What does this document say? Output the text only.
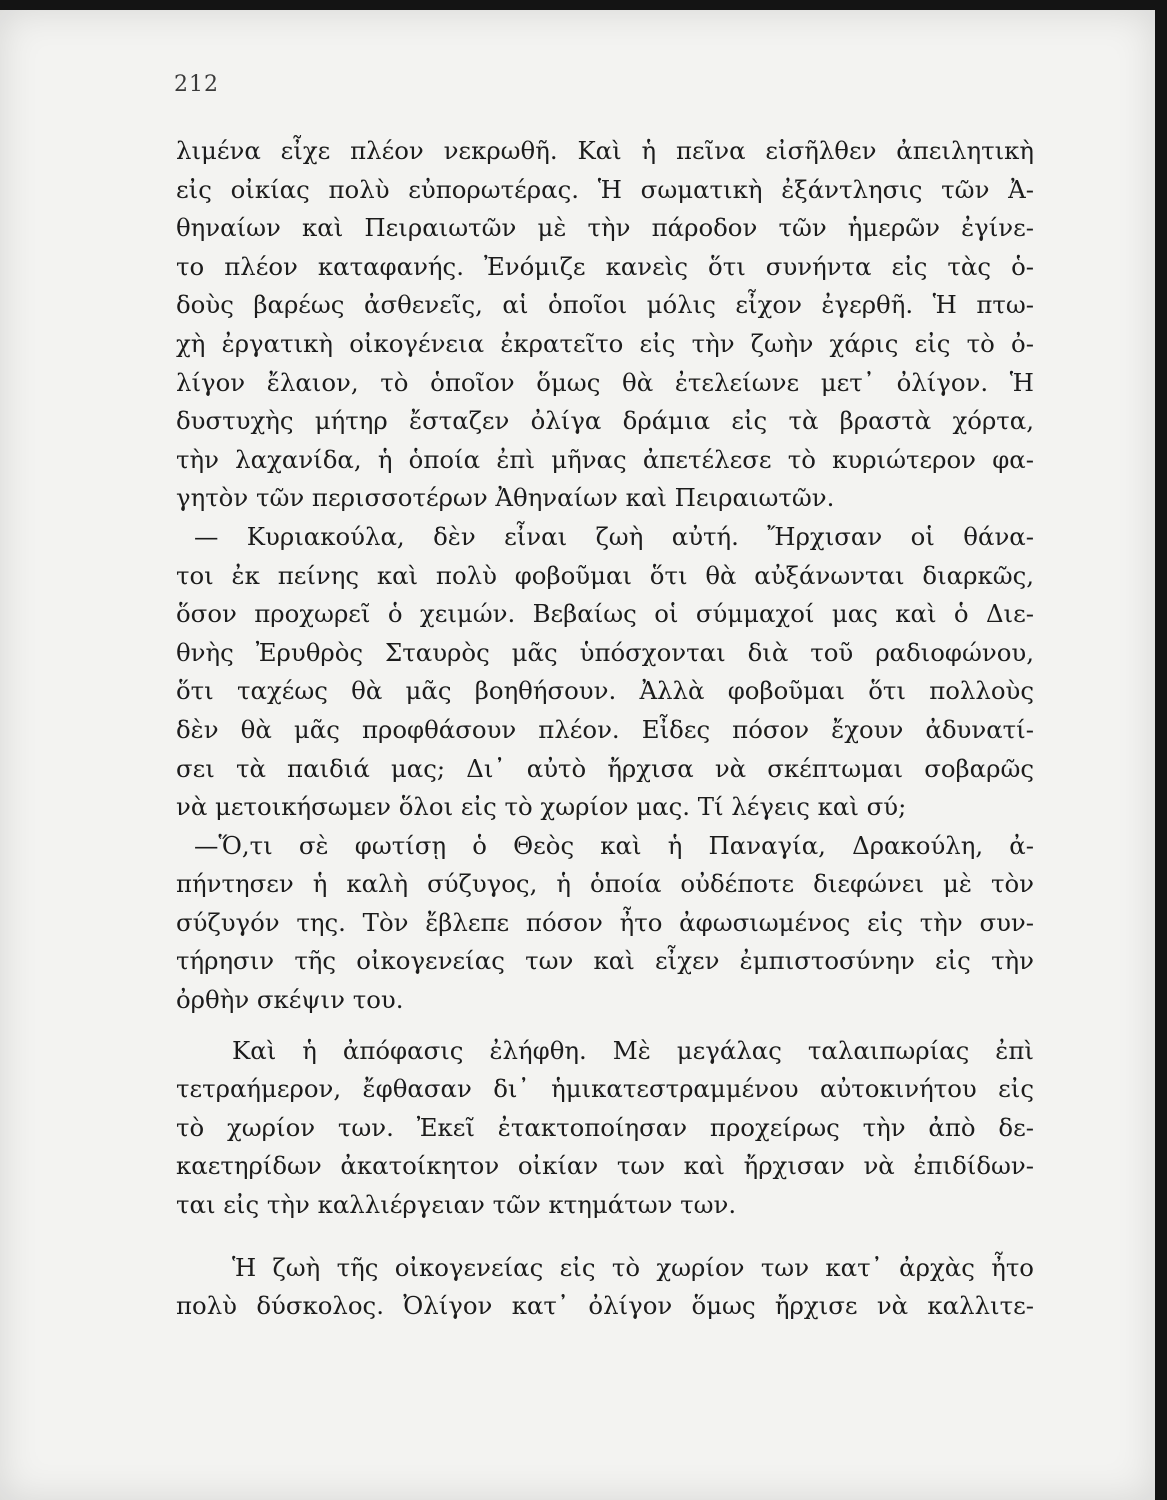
212
λιμένα εἶχε πλέον νεκρωθῆ. Καὶ ἡ πεῖνα εἰσῆλθεν ἀπειλητικὴ
εἰς οἰκίας πολὺ εὐπορωτέρας. Ἡ σωματικὴ ἐξάντλησις τῶν Ἀ-
θηναίων καὶ Πειραιωτῶν μὲ τὴν πάροδον τῶν ἡμερῶν ἐγίνε-
το πλέον καταφανής. Ἐνόμιζε κανεὶς ὅτι συνήντα εἰς τὰς ὁ-
δοὺς βαρέως ἀσθενεῖς, αἱ ὁποῖοι μόλις εἶχον ἐγερθῆ. Ἡ πτω-
χὴ ἐργατικὴ οἰκογένεια ἐκρατεῖτο εἰς τὴν ζωὴν χάρις εἰς τὸ ὀ-
λίγον ἔλαιον, τὸ ὁποῖον ὅμως θὰ ἐτελείωνε μετ᾽ ὀλίγον. Ἡ
δυστυχὴς μήτηρ ἔσταζεν ὀλίγα δράμια εἰς τὰ βραστὰ χόρτα,
τὴν λαχανίδα, ἡ ὁποία ἐπὶ μῆνας ἀπετέλεσε τὸ κυριώτερον φα-
γητὸν τῶν περισσοτέρων Ἀθηναίων καὶ Πειραιωτῶν.
— Κυριακούλα, δὲν εἶναι ζωὴ αὐτή. Ἤρχισαν οἱ θάνα-
τοι ἐκ πείνης καὶ πολὺ φοβοῦμαι ὅτι θὰ αὐξάνωνται διαρκῶς,
ὅσον προχωρεῖ ὁ χειμών. Βεβαίως οἱ σύμμαχοί μας καὶ ὁ Διε-
θνὴς Ἐρυθρὸς Σταυρὸς μᾶς ὑπόσχονται διὰ τοῦ ραδιοφώνου,
ὅτι ταχέως θὰ μᾶς βοηθήσουν. Ἀλλὰ φοβοῦμαι ὅτι πολλοὺς
δὲν θὰ μᾶς προφθάσουν πλέον. Εἶδες πόσον ἔχουν ἀδυνατί-
σει τὰ παιδιά μας; Δι᾽ αὐτὸ ἤρχισα νὰ σκέπτωμαι σοβαρῶς
νὰ μετοικήσωμεν ὅλοι εἰς τὸ χωρίον μας. Τί λέγεις καὶ σύ;
—Ὅ,τι σὲ φωτίσῃ ὁ Θεὸς καὶ ἡ Παναγία, Δρακούλη, ἀ-
πήντησεν ἡ καλὴ σύζυγος, ἡ ὁποία οὐδέποτε διεφώνει μὲ τὸν
σύζυγόν της. Τὸν ἔβλεπε πόσον ἦτο ἀφωσιωμένος εἰς τὴν συν-
τήρησιν τῆς οἰκογενείας των καὶ εἶχεν ἐμπιστοσύνην εἰς τὴν
ὀρθὴν σκέψιν του.
Καὶ ἡ ἀπόφασις ἐλήφθη. Μὲ μεγάλας ταλαιπωρίας ἐπὶ
τετραήμερον, ἔφθασαν δι᾽ ἡμικατεστραμμένου αὐτοκινήτου εἰς
τὸ χωρίον των. Ἐκεῖ ἐτακτοποίησαν προχείρως τὴν ἀπὸ δε-
καετηρίδων ἀκατοίκητον οἰκίαν των καὶ ἤρχισαν νὰ ἐπιδίδων-
ται εἰς τὴν καλλιέργειαν τῶν κτημάτων των.
Ἡ ζωὴ τῆς οἰκογενείας εἰς τὸ χωρίον των κατ᾽ ἀρχὰς ἦτο
πολὺ δύσκολος. Ὀλίγον κατ᾽ ὀλίγον ὅμως ἤρχισε νὰ καλλιτε-
